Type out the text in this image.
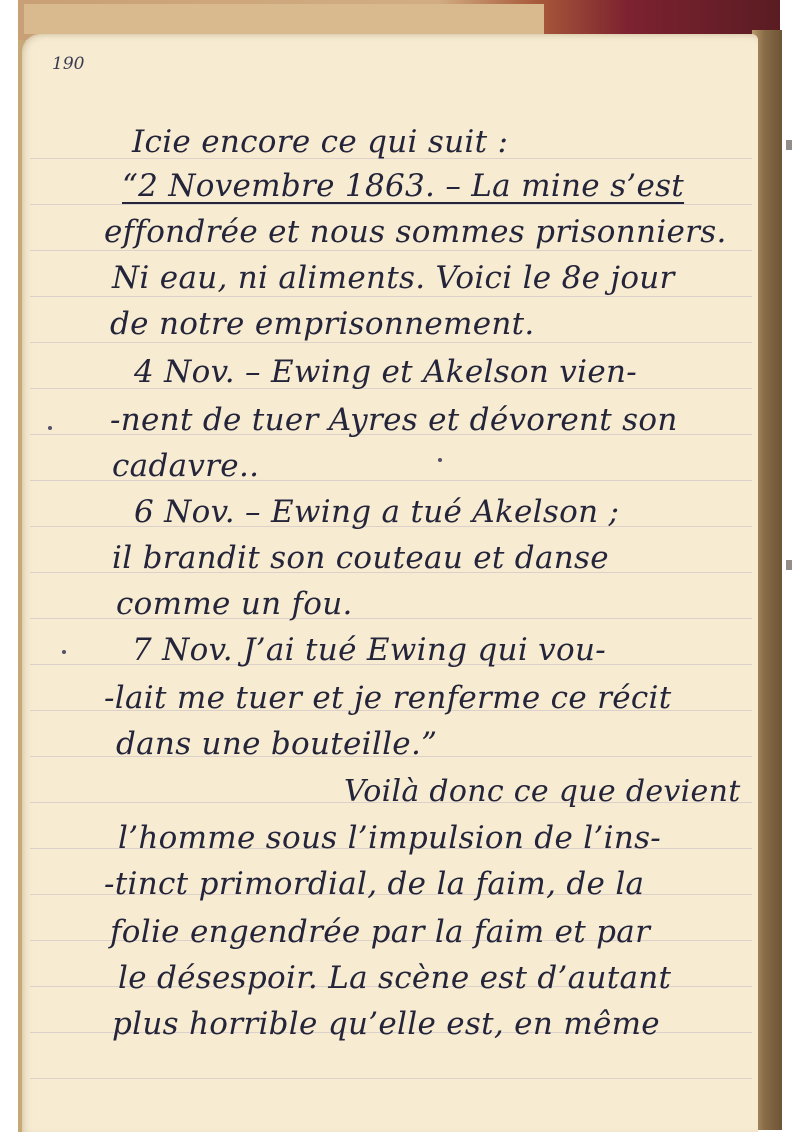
190
Icie encore ce qui suit :
“2 Novembre 1863. – La mine s’est
effondrée et nous sommes prisonniers.
Ni eau, ni aliments. Voici le 8e jour
de notre emprisonnement.
4 Nov. – Ewing et Akelson vien-
-nent de tuer Ayres et dévorent son
cadavre..
6 Nov. – Ewing a tué Akelson ;
il brandit son couteau et danse
comme un fou.
7 Nov. J’ai tué Ewing qui vou-
-lait me tuer et je renferme ce récit
dans une bouteille.”
Voilà donc ce que devient
l’homme sous l’impulsion de l’ins-
-tinct primordial, de la faim, de la
folie engendrée par la faim et par
le désespoir. La scène est d’autant
plus horrible qu’elle est, en même
